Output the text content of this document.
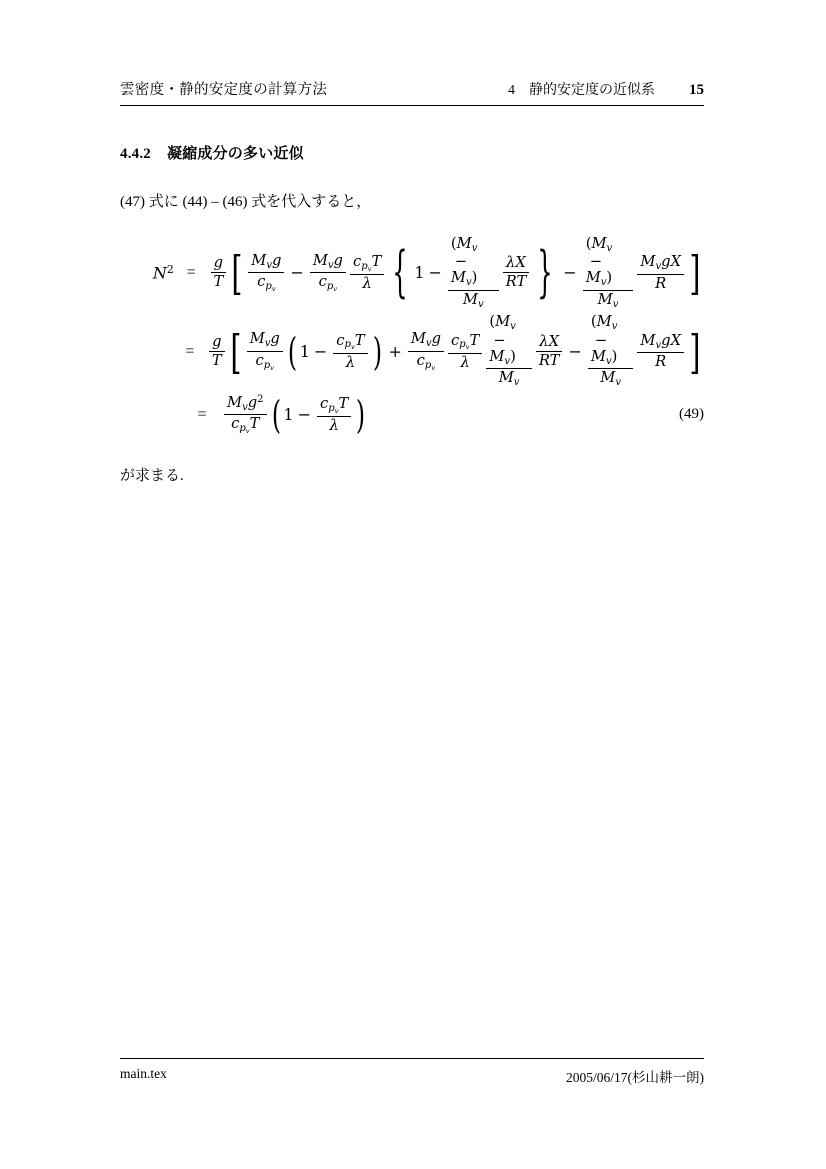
雲密度・静的安定度の計算方法	4 静的安定度の近似系	15
4.4.2 凝縮成分の多い近似

(47) 式に (44) – (46) 式を代入すると，

$N^2$ =	$\frac{g}{T}$ [ $\frac{M_vg}{c_{p_v}} - \frac{M_vg}{c_{p_v}} \frac{c_{p_v}T}{\lambda}$ { $1 - \frac{(M_v - M_v)}{M_v} \frac{\lambda X}{RT}$ } − $\frac{(M_v - M_v)}{M_v} \frac{M_vgX}{R}$ ]
= $\frac{g}{T}$ [ $\frac{M_vg}{c_{p_v}}$ ( $1 - \frac{c_{p_v}T}{\lambda}$ ) + $\frac{M_vg}{c_{p_v}} \frac{c_{p_v}T}{\lambda} \frac{(M_v - M_v)}{M_v} \frac{\lambda X}{RT} - \frac{(M_v - M_v)}{M_v} \frac{M_vgX}{R}$ ]
=	$\frac{M_vg^2}{c_{p_v}T}$ ( $1 - \frac{c_{p_v}T}{\lambda}$ )	(49)

が求まる.

main.tex	2005/06/17(杉山耕一朗)
